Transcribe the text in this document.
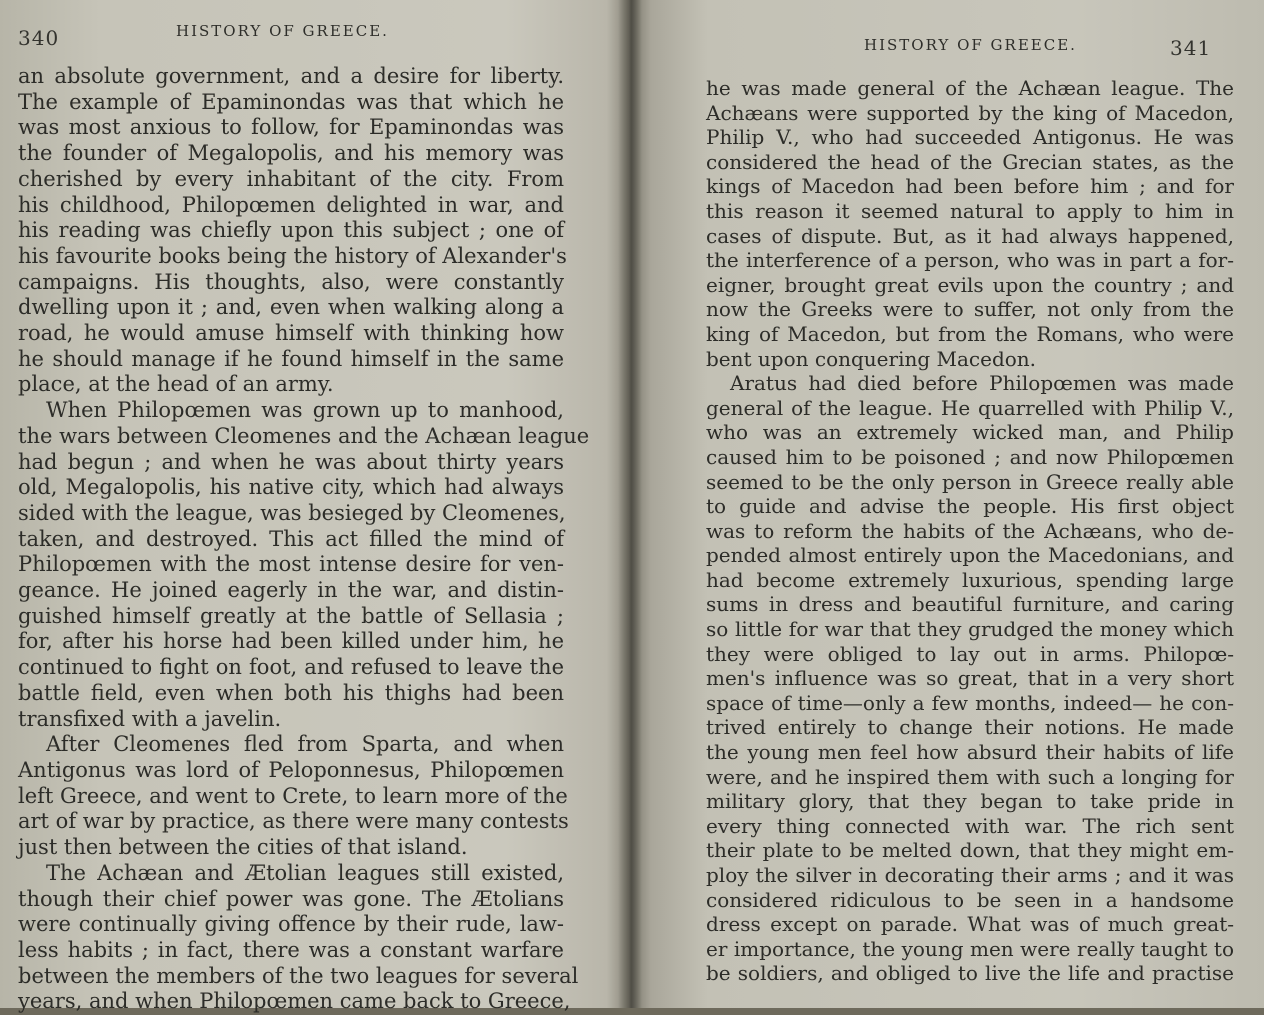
340	HISTORY OF GREECE.
an absolute government, and a desire for liberty.
The example of Epaminondas was that which he
was most anxious to follow, for Epaminondas was
the founder of Megalopolis, and his memory was
cherished by every inhabitant of the city. From
his childhood, Philopœmen delighted in war, and
his reading was chiefly upon this subject ; one of
his favourite books being the history of Alexander's
campaigns. His thoughts, also, were constantly
dwelling upon it ; and, even when walking along a
road, he would amuse himself with thinking how
he should manage if he found himself in the same
place, at the head of an army.
When Philopœmen was grown up to manhood,
the wars between Cleomenes and the Achæan league
had begun ; and when he was about thirty years
old, Megalopolis, his native city, which had always
sided with the league, was besieged by Cleomenes,
taken, and destroyed. This act filled the mind of
Philopœmen with the most intense desire for ven-
geance. He joined eagerly in the war, and distin-
guished himself greatly at the battle of Sellasia ;
for, after his horse had been killed under him, he
continued to fight on foot, and refused to leave the
battle field, even when both his thighs had been
transfixed with a javelin.
After Cleomenes fled from Sparta, and when
Antigonus was lord of Peloponnesus, Philopœmen
left Greece, and went to Crete, to learn more of the
art of war by practice, as there were many contests
just then between the cities of that island.
The Achæan and Ætolian leagues still existed,
though their chief power was gone. The Ætolians
were continually giving offence by their rude, law-
less habits ; in fact, there was a constant warfare
between the members of the two leagues for several
years, and when Philopœmen came back to Greece,
HISTORY OF GREECE.	341
he was made general of the Achæan league. The
Achæans were supported by the king of Macedon,
Philip V., who had succeeded Antigonus. He was
considered the head of the Grecian states, as the
kings of Macedon had been before him ; and for
this reason it seemed natural to apply to him in
cases of dispute. But, as it had always happened,
the interference of a person, who was in part a for-
eigner, brought great evils upon the country ; and
now the Greeks were to suffer, not only from the
king of Macedon, but from the Romans, who were
bent upon conquering Macedon.
Aratus had died before Philopœmen was made
general of the league. He quarrelled with Philip V.,
who was an extremely wicked man, and Philip
caused him to be poisoned ; and now Philopœmen
seemed to be the only person in Greece really able
to guide and advise the people. His first object
was to reform the habits of the Achæans, who de-
pended almost entirely upon the Macedonians, and
had become extremely luxurious, spending large
sums in dress and beautiful furniture, and caring
so little for war that they grudged the money which
they were obliged to lay out in arms. Philopœ-
men's influence was so great, that in a very short
space of time—only a few months, indeed— he con-
trived entirely to change their notions. He made
the young men feel how absurd their habits of life
were, and he inspired them with such a longing for
military glory, that they began to take pride in
every thing connected with war. The rich sent
their plate to be melted down, that they might em-
ploy the silver in decorating their arms ; and it was
considered ridiculous to be seen in a handsome
dress except on parade. What was of much great-
er importance, the young men were really taught to
be soldiers, and obliged to live the life and practise
